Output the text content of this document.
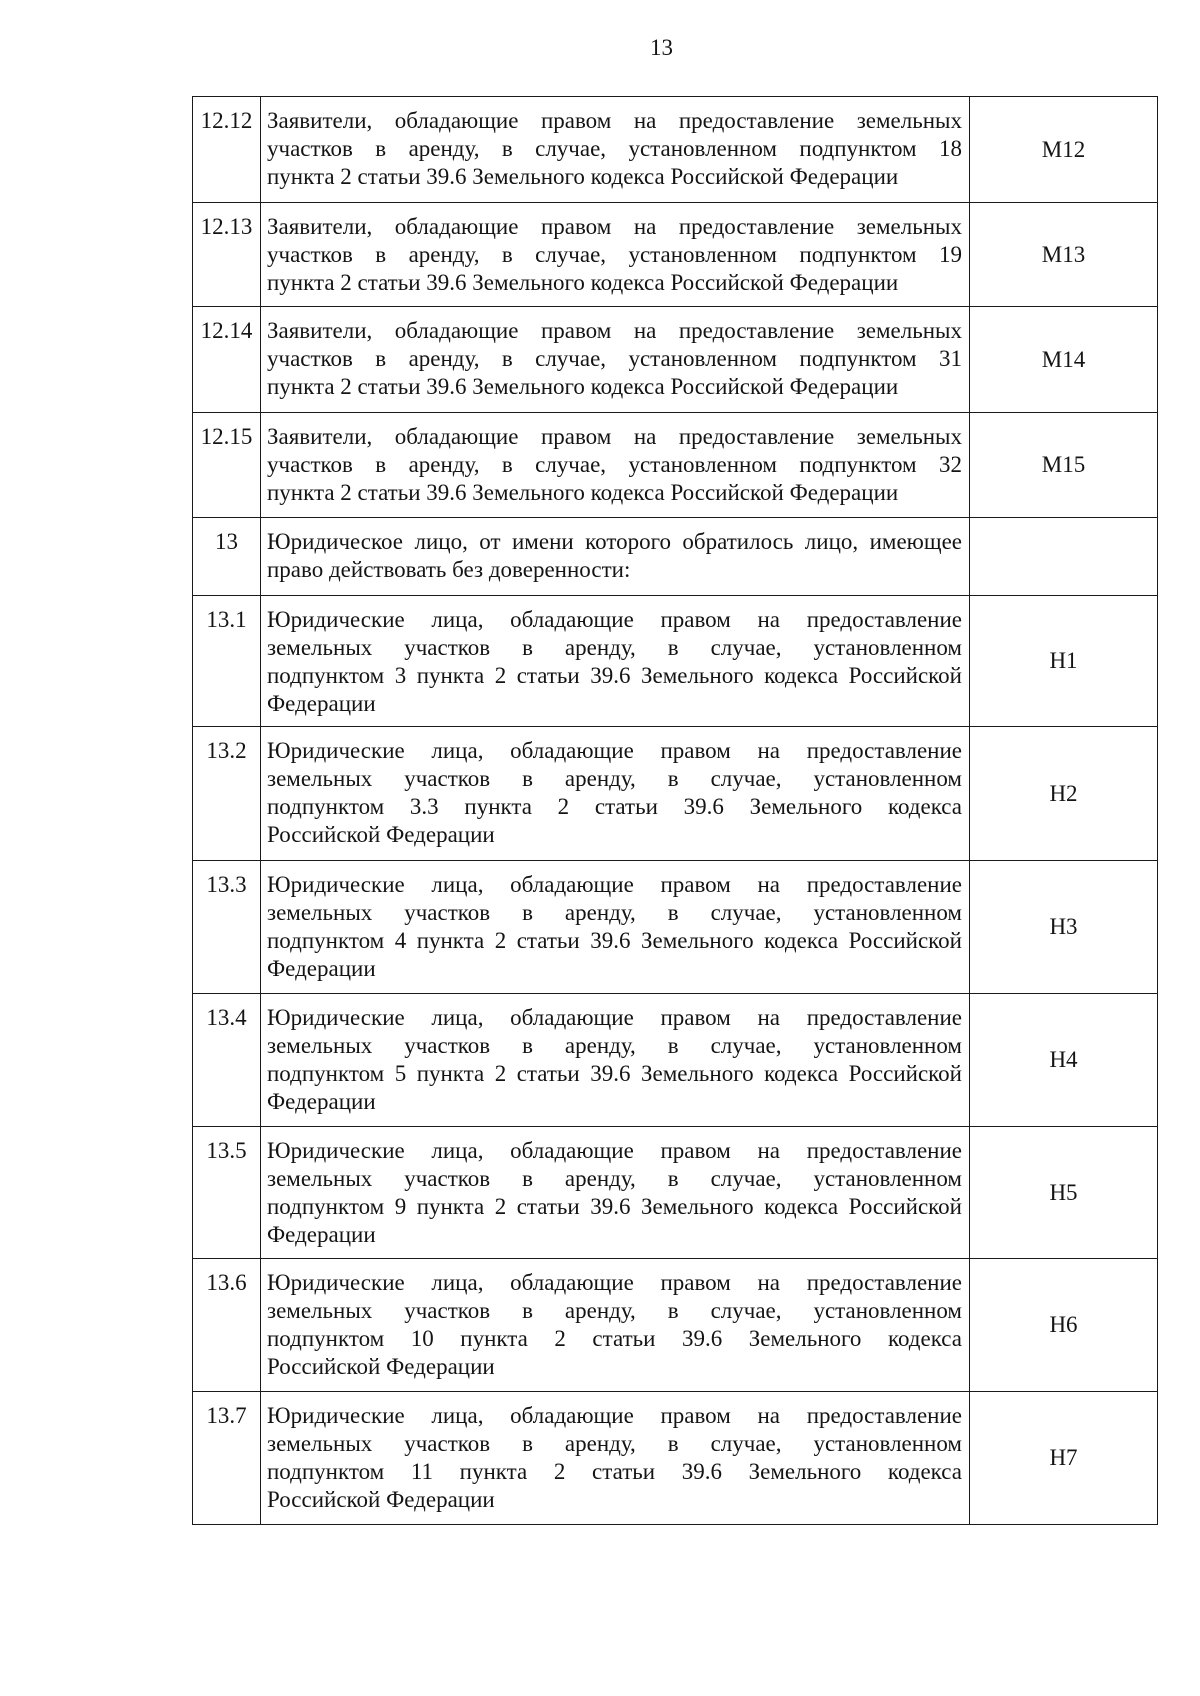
13
12.12 Заявители, обладающие правом на предоставление земельных
участков в аренду, в случае, установленном подпунктом 18
пункта 2 статьи 39.6 Земельного кодекса Российской Федерации
М12
12.13 Заявители, обладающие правом на предоставление земельных
участков в аренду, в случае, установленном подпунктом 19
пункта 2 статьи 39.6 Земельного кодекса Российской Федерации
М13
12.14 Заявители, обладающие правом на предоставление земельных
участков в аренду, в случае, установленном подпунктом 31
пункта 2 статьи 39.6 Земельного кодекса Российской Федерации
М14
12.15 Заявители, обладающие правом на предоставление земельных
участков в аренду, в случае, установленном подпунктом 32
пункта 2 статьи 39.6 Земельного кодекса Российской Федерации
М15
13	Юридическое лицо, от имени которого обратилось лицо, имеющее
право действовать без доверенности:
13.1 Юридические лица, обладающие правом на предоставление
земельных участков в аренду, в случае, установленном
подпунктом 3 пункта 2 статьи 39.6 Земельного кодекса Российской
Федерации
Н1
13.2 Юридические лица, обладающие правом на предоставление
земельных участков в аренду, в случае, установленном
подпунктом 3.3 пункта 2 статьи 39.6 Земельного кодекса
Российской Федерации
Н2
13.3 Юридические лица, обладающие правом на предоставление
земельных участков в аренду, в случае, установленном
подпунктом 4 пункта 2 статьи 39.6 Земельного кодекса Российской
Федерации
Н3
13.4 Юридические лица, обладающие правом на предоставление
земельных участков в аренду, в случае, установленном
подпунктом 5 пункта 2 статьи 39.6 Земельного кодекса Российской
Федерации
Н4
13.5 Юридические лица, обладающие правом на предоставление
земельных участков в аренду, в случае, установленном
подпунктом 9 пункта 2 статьи 39.6 Земельного кодекса Российской
Федерации
Н5
13.6 Юридические лица, обладающие правом на предоставление
земельных участков в аренду, в случае, установленном
подпунктом 10 пункта 2 статьи 39.6 Земельного кодекса
Российской Федерации
Н6
13.7 Юридические лица, обладающие правом на предоставление
земельных участков в аренду, в случае, установленном
подпунктом 11 пункта 2 статьи 39.6 Земельного кодекса
Российской Федерации
Н7
